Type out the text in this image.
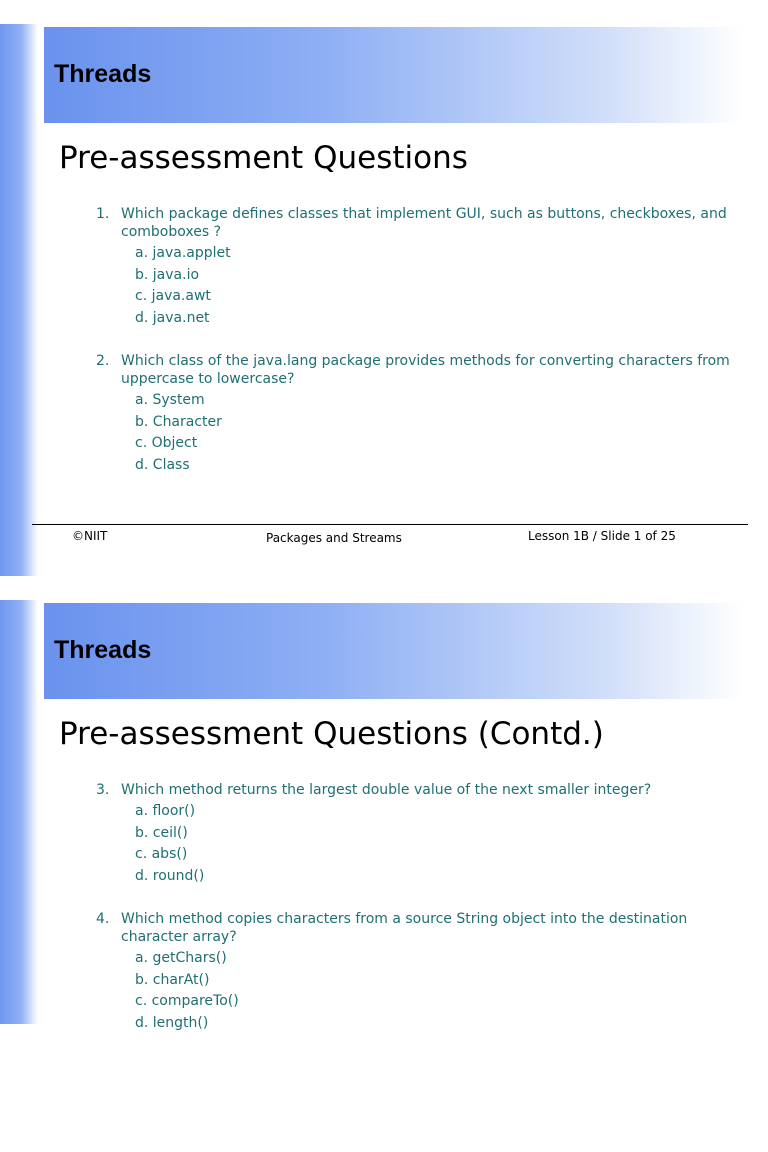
Threads
Pre-assessment Questions

1. Which package defines classes that implement GUI, such as buttons, checkboxes, and comboboxes ?

a. java.applet
b. java.io
c. java.awt
d. java.net

2. Which class of the java.lang package provides methods for converting characters from uppercase to lowercase?

a. System
b. Character
c. Object
d. Class
©NIIT	Packages and Streams	Lesson 1B / Slide 1 of 25
Threads
Pre-assessment Questions (Contd.)

3. Which method returns the largest double value of the next smaller integer?

a. floor()
b. ceil()
c. abs()
d. round()

4. Which method copies characters from a source String object into the destination character array?

a. getChars()
b. charAt()
c. compareTo()
d. length()
